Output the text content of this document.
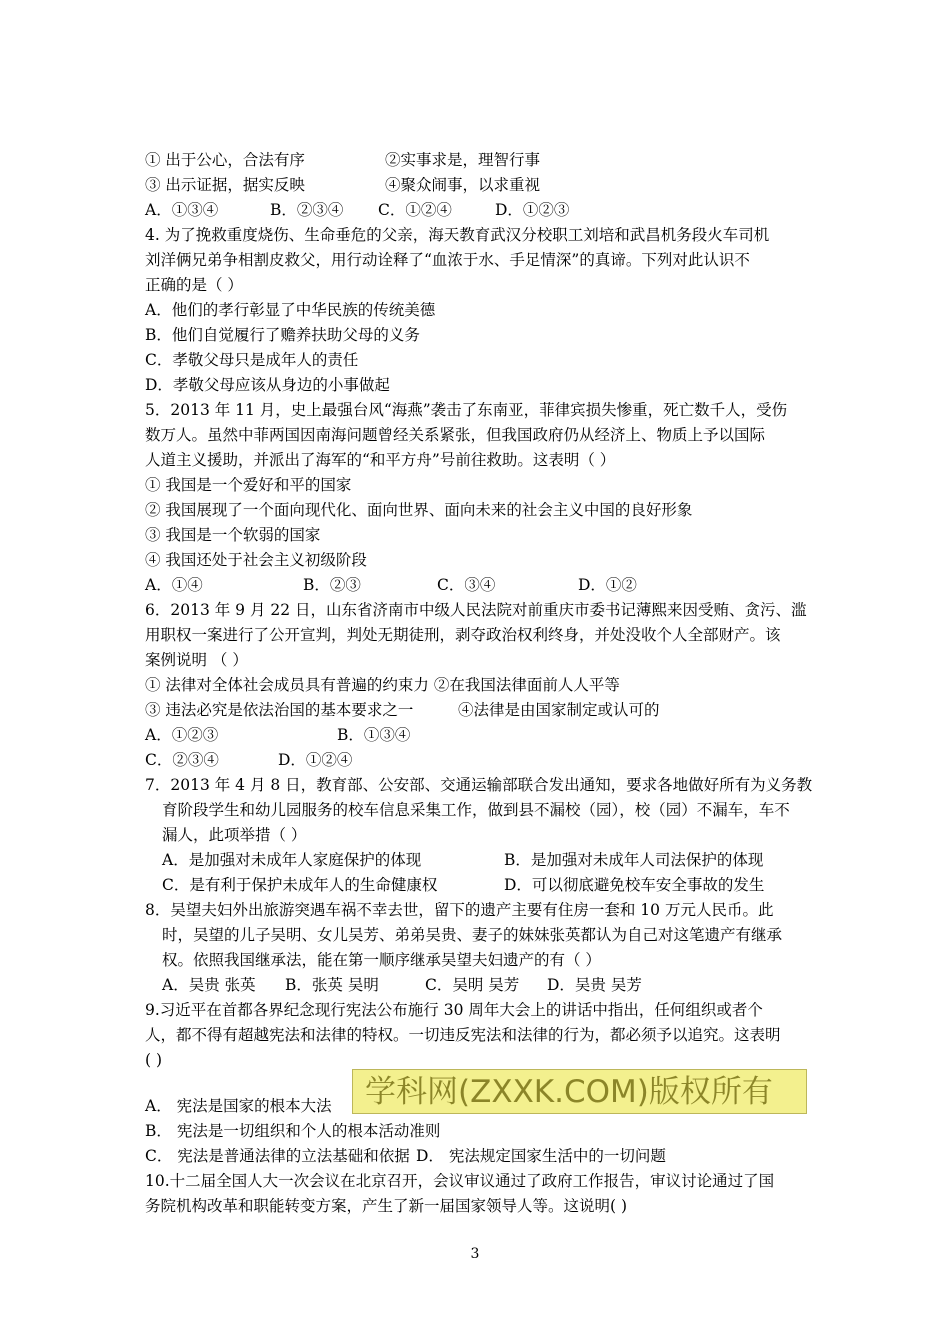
① 出于公心，合法有序	②实事求是，理智行事
③ 出示证据，据实反映	④聚众闹事，以求重视
A．①③④	B．②③④ C．①②④	D．①②③
4. 为了挽救重度烧伤、生命垂危的父亲，海天教育武汉分校职工刘培和武昌机务段火车司机
刘洋俩兄弟争相割皮救父，用行动诠释了“血浓于水、手足情深”的真谛。下列对此认识不
正确的是（ ）
A．他们的孝行彰显了中华民族的传统美德
B．他们自觉履行了赡养扶助父母的义务
C．孝敬父母只是成年人的责任
D．孝敬父母应该从身边的小事做起
5．2013 年 11 月，史上最强台风“海燕”袭击了东南亚，菲律宾损失惨重，死亡数千人，受伤
数万人。虽然中菲两国因南海问题曾经关系紧张，但我国政府仍从经济上、物质上予以国际
人道主义援助，并派出了海军的“和平方舟”号前往救助。这表明（ ）
① 我国是一个爱好和平的国家
② 我国展现了一个面向现代化、面向世界、面向未来的社会主义中国的良好形象
③ 我国是一个软弱的国家
④ 我国还处于社会主义初级阶段
A．①④	B．②③	C．③④	D．①②
6．2013 年 9 月 22 日，山东省济南市中级人民法院对前重庆市委书记薄熙来因受贿、贪污、滥
用职权一案进行了公开宣判，判处无期徒刑，剥夺政治权利终身，并处没收个人全部财产。该
案例说明 （ ）
① 法律对全体社会成员具有普遍的约束力 ②在我国法律面前人人平等
③ 违法必究是依法治国的基本要求之一	④法律是由国家制定或认可的
A．①②③	B．①③④
C．②③④	D．①②④
7．2013 年 4 月 8 日，教育部、公安部、交通运输部联合发出通知，要求各地做好所有为义务教
育阶段学生和幼儿园服务的校车信息采集工作，做到县不漏校（园），校（园）不漏车，车不
漏人，此项举措（ ）
A．是加强对未成年人家庭保护的体现	B．是加强对未成年人司法保护的体现
C．是有利于保护未成年人的生命健康权	D．可以彻底避免校车安全事故的发生
8．吴望夫妇外出旅游突遇车祸不幸去世，留下的遗产主要有住房一套和 10 万元人民币。此
时，吴望的儿子吴明、女儿吴芳、弟弟吴贵、妻子的妹妹张英都认为自己对这笔遗产有继承
权。依照我国继承法，能在第一顺序继承吴望夫妇遗产的有（ ）
A．吴贵 张英 B．张英 吴明	C．吴明 吴芳 D．吴贵 吴芳
9.习近平在首都各界纪念现行宪法公布施行 30 周年大会上的讲话中指出，任何组织或者个
人，都不得有超越宪法和法律的特权。一切违反宪法和法律的行为，都必须予以追究。这表明
( )
A． 宪法是国家的根本大法
B． 宪法是一切组织和个人的根本活动准则
C． 宪法是普通法律的立法基础和依据 D． 宪法规定国家生活中的一切问题
10.十二届全国人大一次会议在北京召开，会议审议通过了政府工作报告，审议讨论通过了国
务院机构改革和职能转变方案，产生了新一届国家领导人等。这说明( )
学科网(ZXXK.COM)版权所有
3
